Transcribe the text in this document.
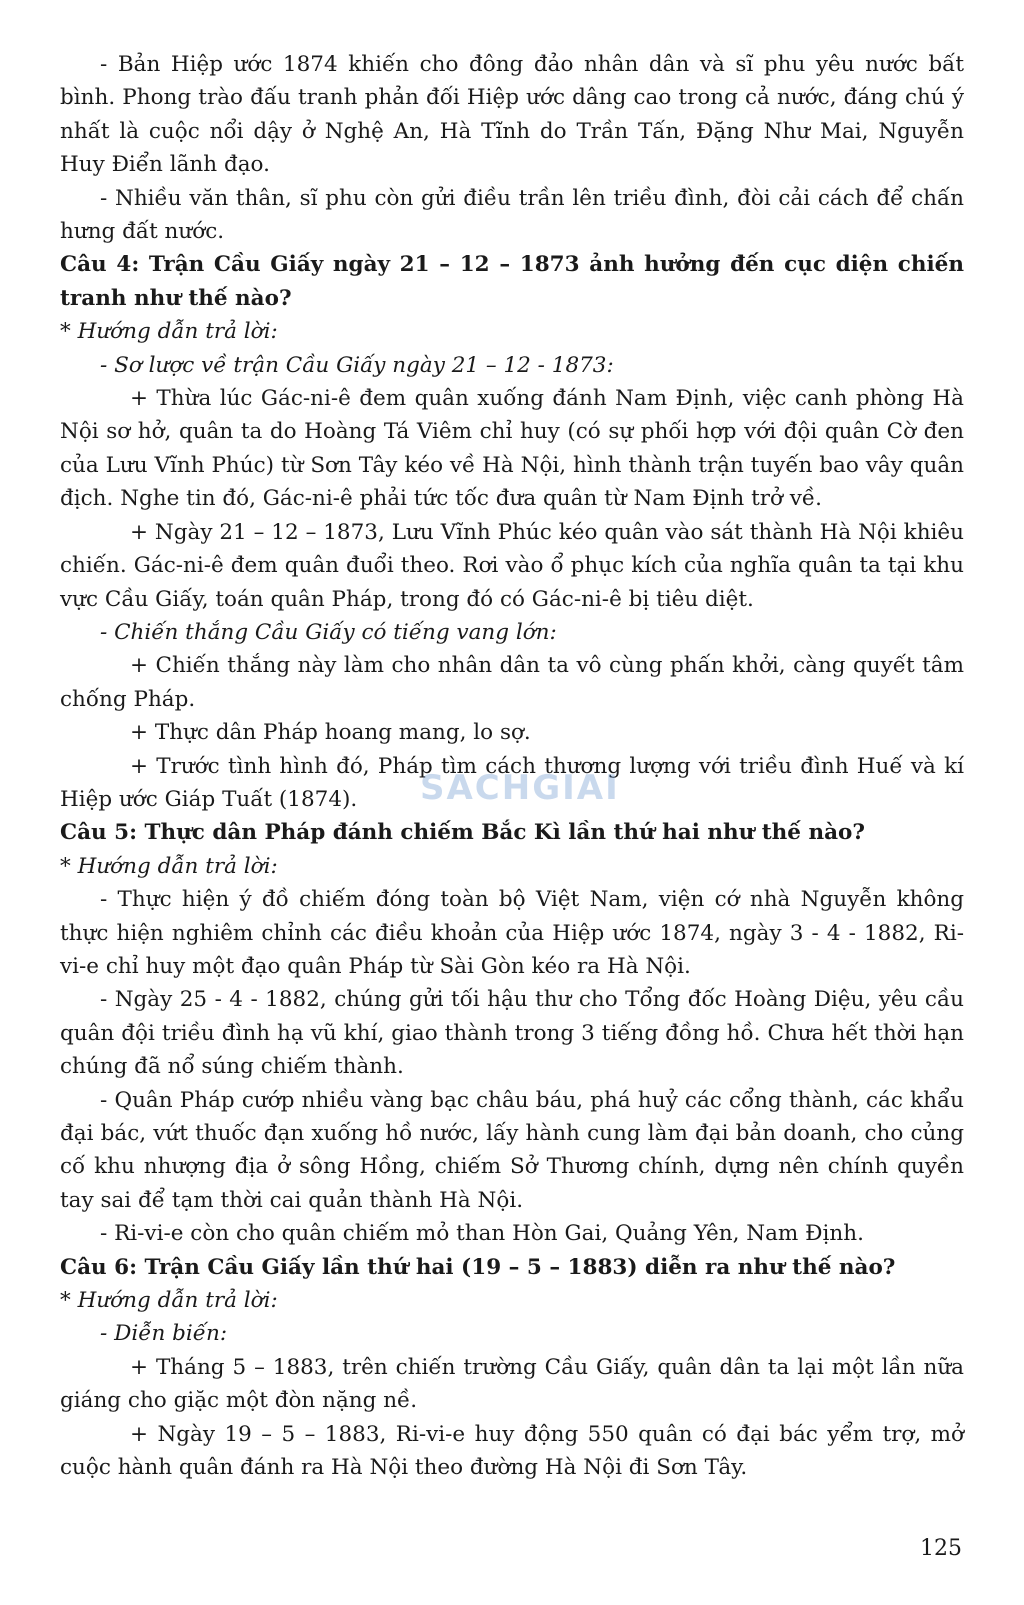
- Bản Hiệp ước 1874 khiến cho đông đảo nhân dân và sĩ phu yêu nước bất bình. Phong trào đấu tranh phản đối Hiệp ước dâng cao trong cả nước, đáng chú ý nhất là cuộc nổi dậy ở Nghệ An, Hà Tĩnh do Trần Tấn, Đặng Như Mai, Nguyễn Huy Điển lãnh đạo.

- Nhiều văn thân, sĩ phu còn gửi điều trần lên triều đình, đòi cải cách để chấn hưng đất nước.

Câu 4: Trận Cầu Giấy ngày 21 – 12 – 1873 ảnh hưởng đến cục diện chiến tranh như thế nào?

* Hướng dẫn trả lời:

- Sơ lược về trận Cầu Giấy ngày 21 – 12 - 1873:

+ Thừa lúc Gác-ni-ê đem quân xuống đánh Nam Định, việc canh phòng Hà Nội sơ hở, quân ta do Hoàng Tá Viêm chỉ huy (có sự phối hợp với đội quân Cờ đen của Lưu Vĩnh Phúc) từ Sơn Tây kéo về Hà Nội, hình thành trận tuyến bao vây quân địch. Nghe tin đó, Gác-ni-ê phải tức tốc đưa quân từ Nam Định trở về.

+ Ngày 21 – 12 – 1873, Lưu Vĩnh Phúc kéo quân vào sát thành Hà Nội khiêu chiến. Gác-ni-ê đem quân đuổi theo. Rơi vào ổ phục kích của nghĩa quân ta tại khu vực Cầu Giấy, toán quân Pháp, trong đó có Gác-ni-ê bị tiêu diệt.

- Chiến thắng Cầu Giấy có tiếng vang lớn:

+ Chiến thắng này làm cho nhân dân ta vô cùng phấn khởi, càng quyết tâm chống Pháp.

+ Thực dân Pháp hoang mang, lo sợ.

+ Trước tình hình đó, Pháp tìm cách thương lượng với triều đình Huế và kí Hiệp ước Giáp Tuất (1874).

Câu 5: Thực dân Pháp đánh chiếm Bắc Kì lần thứ hai như thế nào?

* Hướng dẫn trả lời:

- Thực hiện ý đồ chiếm đóng toàn bộ Việt Nam, viện cớ nhà Nguyễn không thực hiện nghiêm chỉnh các điều khoản của Hiệp ước 1874, ngày 3 - 4 - 1882, Ri-vi-e chỉ huy một đạo quân Pháp từ Sài Gòn kéo ra Hà Nội.

- Ngày 25 - 4 - 1882, chúng gửi tối hậu thư cho Tổng đốc Hoàng Diệu, yêu cầu quân đội triều đình hạ vũ khí, giao thành trong 3 tiếng đồng hồ. Chưa hết thời hạn chúng đã nổ súng chiếm thành.

- Quân Pháp cướp nhiều vàng bạc châu báu, phá huỷ các cổng thành, các khẩu đại bác, vứt thuốc đạn xuống hồ nước, lấy hành cung làm đại bản doanh, cho củng cố khu nhượng địa ở sông Hồng, chiếm Sở Thương chính, dựng nên chính quyền tay sai để tạm thời cai quản thành Hà Nội.

- Ri-vi-e còn cho quân chiếm mỏ than Hòn Gai, Quảng Yên, Nam Định.

Câu 6: Trận Cầu Giấy lần thứ hai (19 – 5 – 1883) diễn ra như thế nào?

* Hướng dẫn trả lời:

- Diễn biến:

+ Tháng 5 – 1883, trên chiến trường Cầu Giấy, quân dân ta lại một lần nữa giáng cho giặc một đòn nặng nề.

+ Ngày 19 – 5 – 1883, Ri-vi-e huy động 550 quân có đại bác yểm trợ, mở cuộc hành quân đánh ra Hà Nội theo đường Hà Nội đi Sơn Tây.

SACHGIAI
125
